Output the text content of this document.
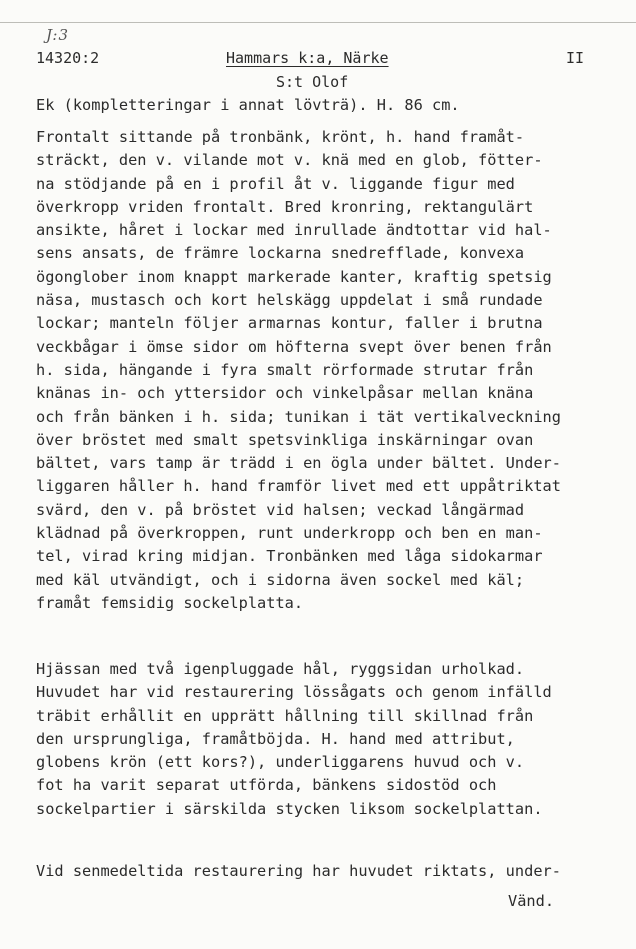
J:3
14320:2	Hammars k:a, Närke	II
S:t Olof
Ek (kompletteringar i annat lövträ). H. 86 cm.
Frontalt sittande på tronbänk, krönt, h. hand framåt-
sträckt, den v. vilande mot v. knä med en glob, fötter-
na stödjande på en i profil åt v. liggande figur med
överkropp vriden frontalt. Bred kronring, rektangulärt
ansikte, håret i lockar med inrullade ändtottar vid hal-
sens ansats, de främre lockarna snedrefflade, konvexa
ögonglober inom knappt markerade kanter, kraftig spetsig
näsa, mustasch och kort helskägg uppdelat i små rundade
lockar; manteln följer armarnas kontur, faller i brutna
veckbågar i ömse sidor om höfterna svept över benen från
h. sida, hängande i fyra smalt rörformade strutar från
knänas in- och yttersidor och vinkelpåsar mellan knäna
och från bänken i h. sida; tunikan i tät vertikalveckning
över bröstet med smalt spetsvinkliga inskärningar ovan
bältet, vars tamp är trädd i en ögla under bältet. Under-
liggaren håller h. hand framför livet med ett uppåtriktat
svärd, den v. på bröstet vid halsen; veckad långärmad
klädnad på överkroppen, runt underkropp och ben en man-
tel, virad kring midjan. Tronbänken med låga sidokarmar
med käl utvändigt, och i sidorna även sockel med käl;
framåt femsidig sockelplatta.
Hjässan med två igenpluggade hål, ryggsidan urholkad.
Huvudet har vid restaurering lössågats och genom infälld
träbit erhållit en upprätt hållning till skillnad från
den ursprungliga, framåtböjda. H. hand med attribut,
globens krön (ett kors?), underliggarens huvud och v.
fot ha varit separat utförda, bänkens sidostöd och
sockelpartier i särskilda stycken liksom sockelplattan.
Vid senmedeltida restaurering har huvudet riktats, under-
Vänd.
